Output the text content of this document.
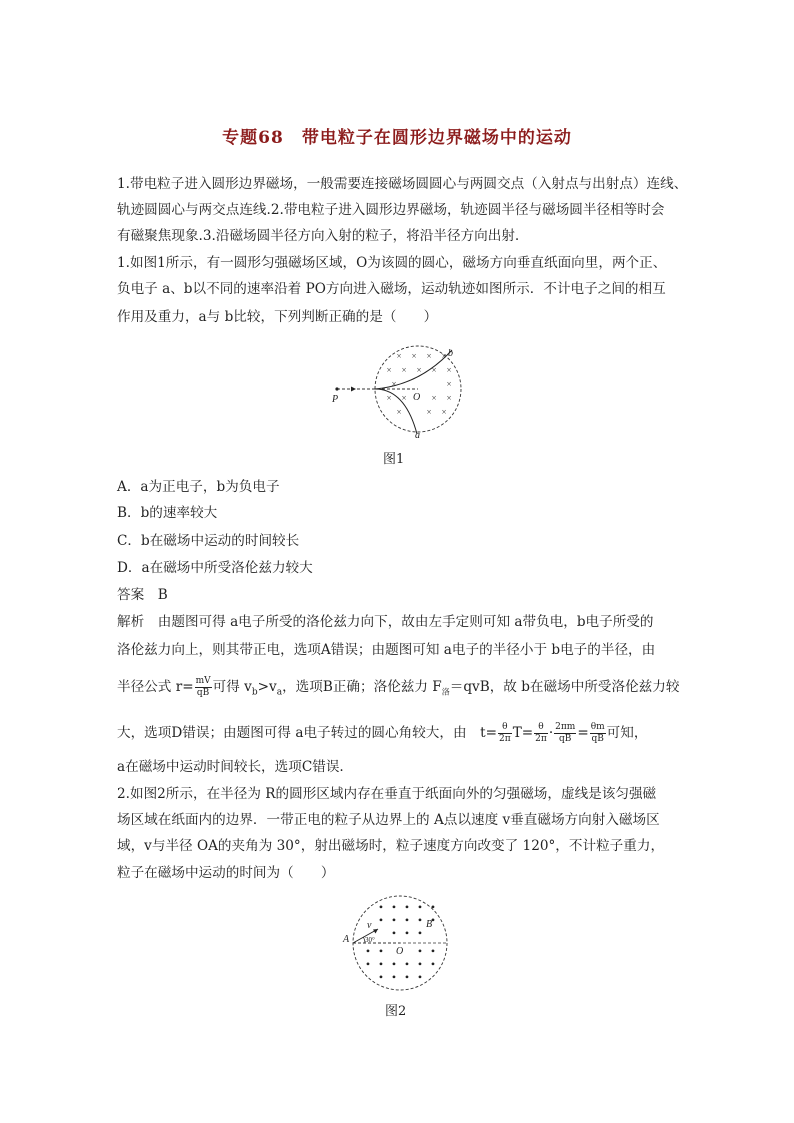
专题68　带电粒子在圆形边界磁场中的运动
1.带电粒子进入圆形边界磁场，一般需要连接磁场圆圆心与两圆交点（入射点与出射点）连线、
轨迹圆圆心与两交点连线.2.带电粒子进入圆形边界磁场，轨迹圆半径与磁场圆半径相等时会
有磁聚焦现象.3.沿磁场圆半径方向入射的粒子，将沿半径方向出射.
1.如图1所示，有一圆形匀强磁场区域，O为该圆的圆心，磁场方向垂直纸面向里，两个正、
负电子 a、b以不同的速率沿着 PO方向进入磁场，运动轨迹如图所示．不计电子之间的相互
作用及重力，a与 b比较，下列判断正确的是（　　）
× × × ×
× × × × ×
×	×
× ×	× ×
×	× ×
P	O
a
b
图1
A．a为正电子，b为负电子
B．b的速率较大
C．b在磁场中运动的时间较长
D．a在磁场中所受洛伦兹力较大
答案　B
解析　由题图可得 a电子所受的洛伦兹力向下，故由左手定则可知 a带负电，b电子所受的
洛伦兹力向上，则其带正电，选项A错误；由题图可知 a电子的半径小于 b电子的半径，由
半径公式 $r= \frac{mV}{qB}$ 可得 $v_b>v_a$，选项B正确；洛伦兹力 $F_洛=qvB$，故 b在磁场中所受洛伦兹力较
大，选项D错误；由题图可得 a电子转过的圆心角较大，由　$t= \frac{\theta}{2\pi} T= \frac{\theta}{2\pi} \cdot \frac{2\pi m}{qB} = \frac{\theta m}{qB}$ 可知，
a在磁场中运动时间较长，选项C错误.
2.如图2所示，在半径为 R的圆形区域内存在垂直于纸面向外的匀强磁场，虚线是该匀强磁
场区域在纸面内的边界．一带正电的粒子从边界上的 A点以速度 v垂直磁场方向射入磁场区
域，v与半径 OA的夹角为 30°，射出磁场时，粒子速度方向改变了 120°，不计粒子重力，
粒子在磁场中运动的时间为（　　）
• • • • •
• • • • •
• • •
• •	• •
• • • • • •
• • • •
A
B
O
v
30°
图2
